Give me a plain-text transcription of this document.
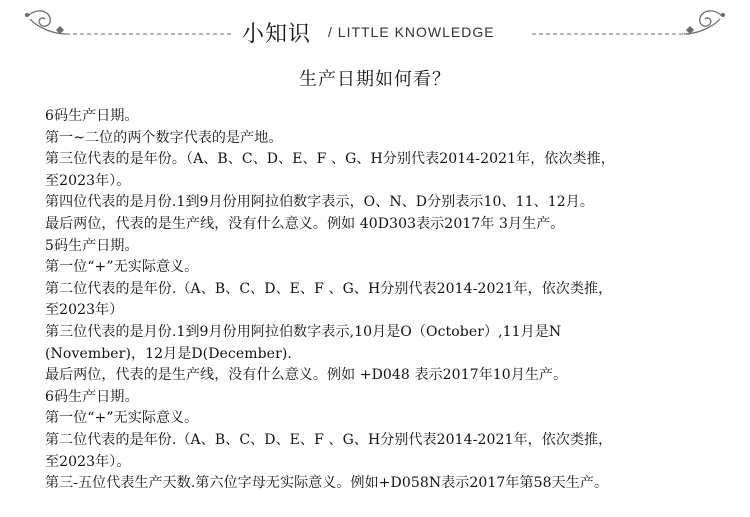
小知识 / LITTLE KNOWLEDGE
生产日期如何看？
6码生产日期。
第一~二位的两个数字代表的是产地。
第三位代表的是年份。（A、B、C、D、E、F 、G、H分别代表2014-2021年，依次类推，
至2023年）。
第四位代表的是月份.1到9月份用阿拉伯数字表示，O、N、D分别表示10、11、12月。
最后两位，代表的是生产线，没有什么意义。例如 40D303表示2017年 3月生产。
5码生产日期。
第一位“+”无实际意义。
第二位代表的是年份.（A、B、C、D、E、F 、G、H分别代表2014-2021年，依次类推，
至2023年）
第三位代表的是月份.1到9月份用阿拉伯数字表示,10月是O（October）,11月是N
(November)，12月是D(December).
最后两位，代表的是生产线，没有什么意义。例如 +D048 表示2017年10月生产。
6码生产日期。
第一位“+”无实际意义。
第二位代表的是年份.（A、B、C、D、E、F 、G、H分别代表2014-2021年，依次类推，
至2023年）。
第三-五位代表生产天数.第六位字母无实际意义。例如+D058N表示2017年第58天生产。
